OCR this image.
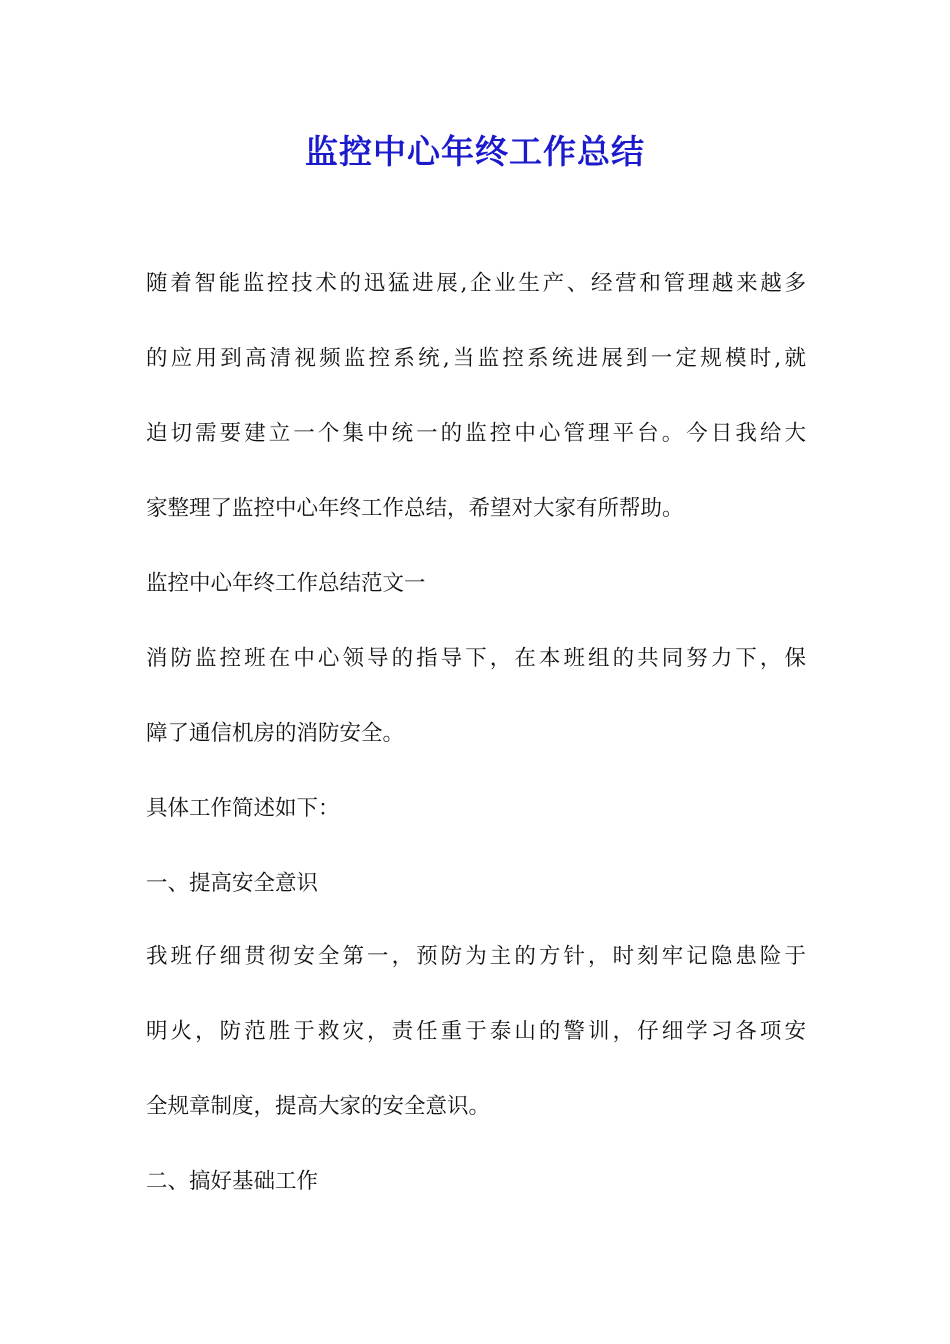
监控中心年终工作总结
随着智能监控技术的迅猛进展,企业生产、经营和管理越来越多
的应用到高清视频监控系统,当监控系统进展到一定规模时,就
迫切需要建立一个集中统一的监控中心管理平台。今日我给大
家整理了监控中心年终工作总结，希望对大家有所帮助。
监控中心年终工作总结范文一
消防监控班在中心领导的指导下，在本班组的共同努力下，保
障了通信机房的消防安全。
具体工作简述如下：
一、提高安全意识
我班仔细贯彻安全第一，预防为主的方针，时刻牢记隐患险于
明火，防范胜于救灾，责任重于泰山的警训，仔细学习各项安
全规章制度，提高大家的安全意识。
二、搞好基础工作
